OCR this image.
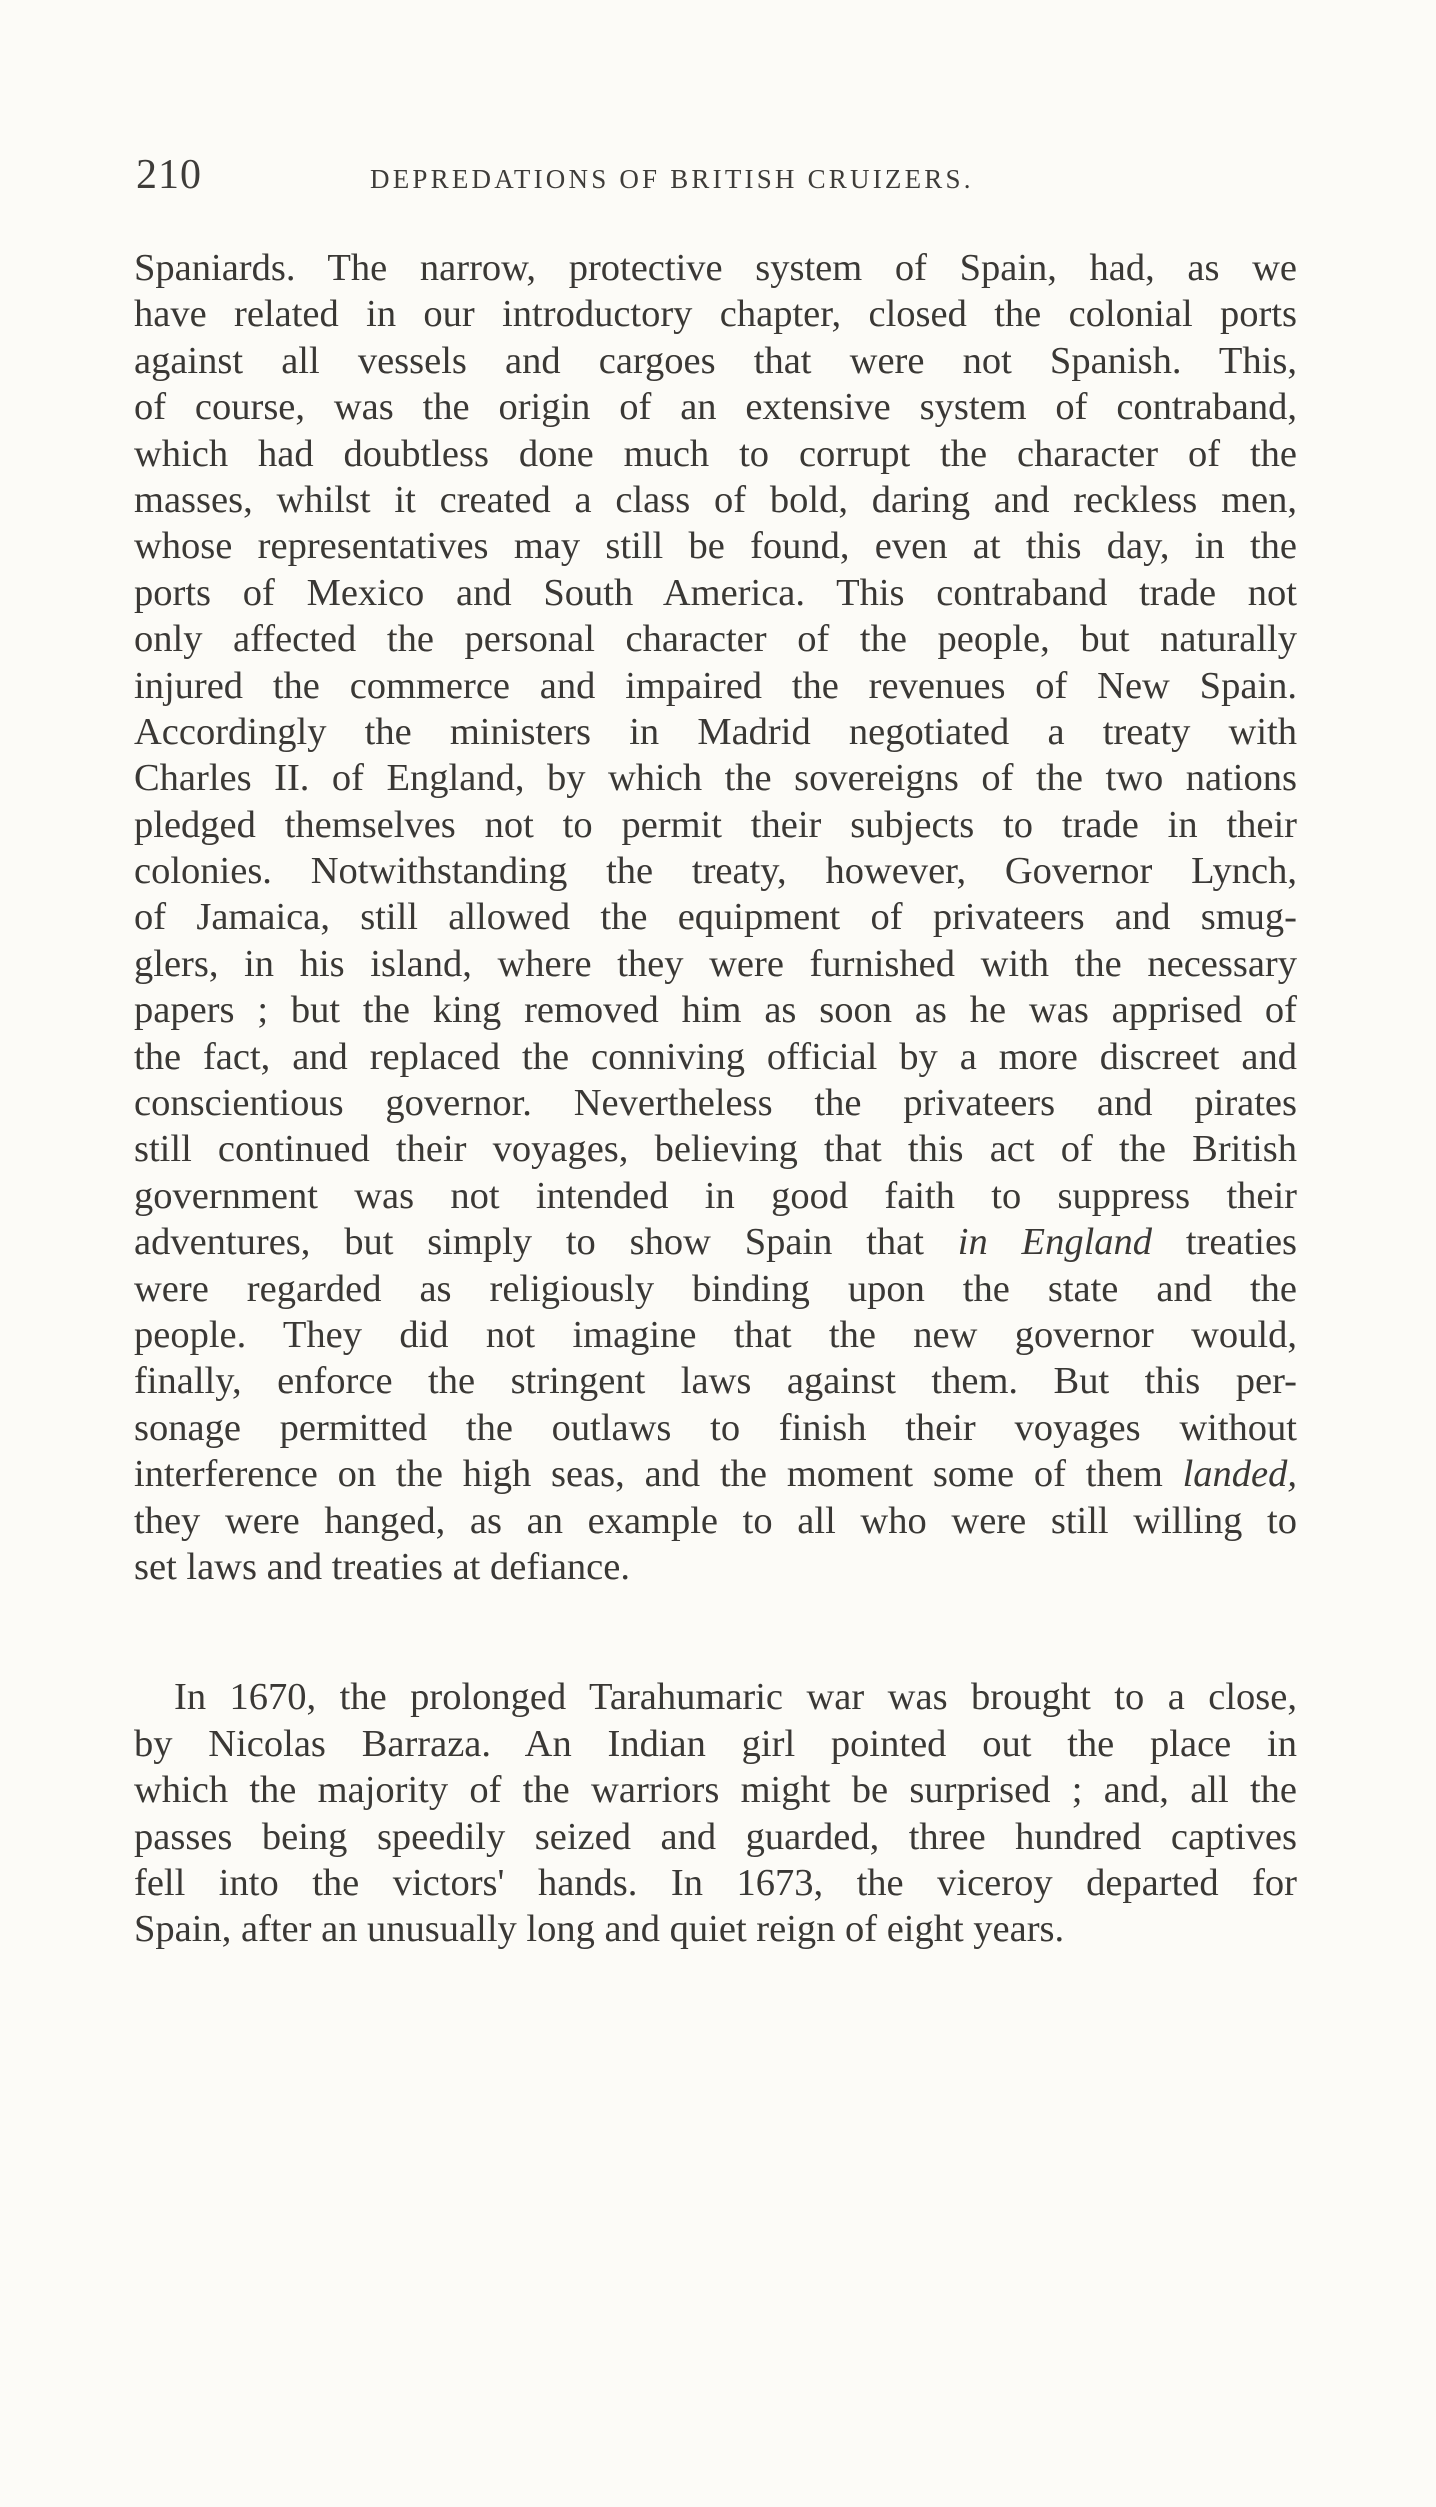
210	DEPREDATIONS OF BRITISH CRUIZERS.
Spaniards. The narrow, protective system of Spain, had, as we
have related in our introductory chapter, closed the colonial ports
against all vessels and cargoes that were not Spanish. This,
of course, was the origin of an extensive system of contraband,
which had doubtless done much to corrupt the character of the
masses, whilst it created a class of bold, daring and reckless men,
whose representatives may still be found, even at this day, in the
ports of Mexico and South America. This contraband trade not
only affected the personal character of the people, but naturally
injured the commerce and impaired the revenues of New Spain.
Accordingly the ministers in Madrid negotiated a treaty with
Charles II. of England, by which the sovereigns of the two nations
pledged themselves not to permit their subjects to trade in their
colonies. Notwithstanding the treaty, however, Governor Lynch,
of Jamaica, still allowed the equipment of privateers and smug-
glers, in his island, where they were furnished with the necessary
papers ; but the king removed him as soon as he was apprised of
the fact, and replaced the conniving official by a more discreet and
conscientious governor. Nevertheless the privateers and pirates
still continued their voyages, believing that this act of the British
government was not intended in good faith to suppress their
adventures, but simply to show Spain that in England treaties
were regarded as religiously binding upon the state and the
people. They did not imagine that the new governor would,
finally, enforce the stringent laws against them. But this per-
sonage permitted the outlaws to finish their voyages without
interference on the high seas, and the moment some of them landed,
they were hanged, as an example to all who were still willing to
set laws and treaties at defiance.
In 1670, the prolonged Tarahumaric war was brought to a close,
by Nicolas Barraza. An Indian girl pointed out the place in
which the majority of the warriors might be surprised ; and, all the
passes being speedily seized and guarded, three hundred captives
fell into the victors' hands. In 1673, the viceroy departed for
Spain, after an unusually long and quiet reign of eight years.
